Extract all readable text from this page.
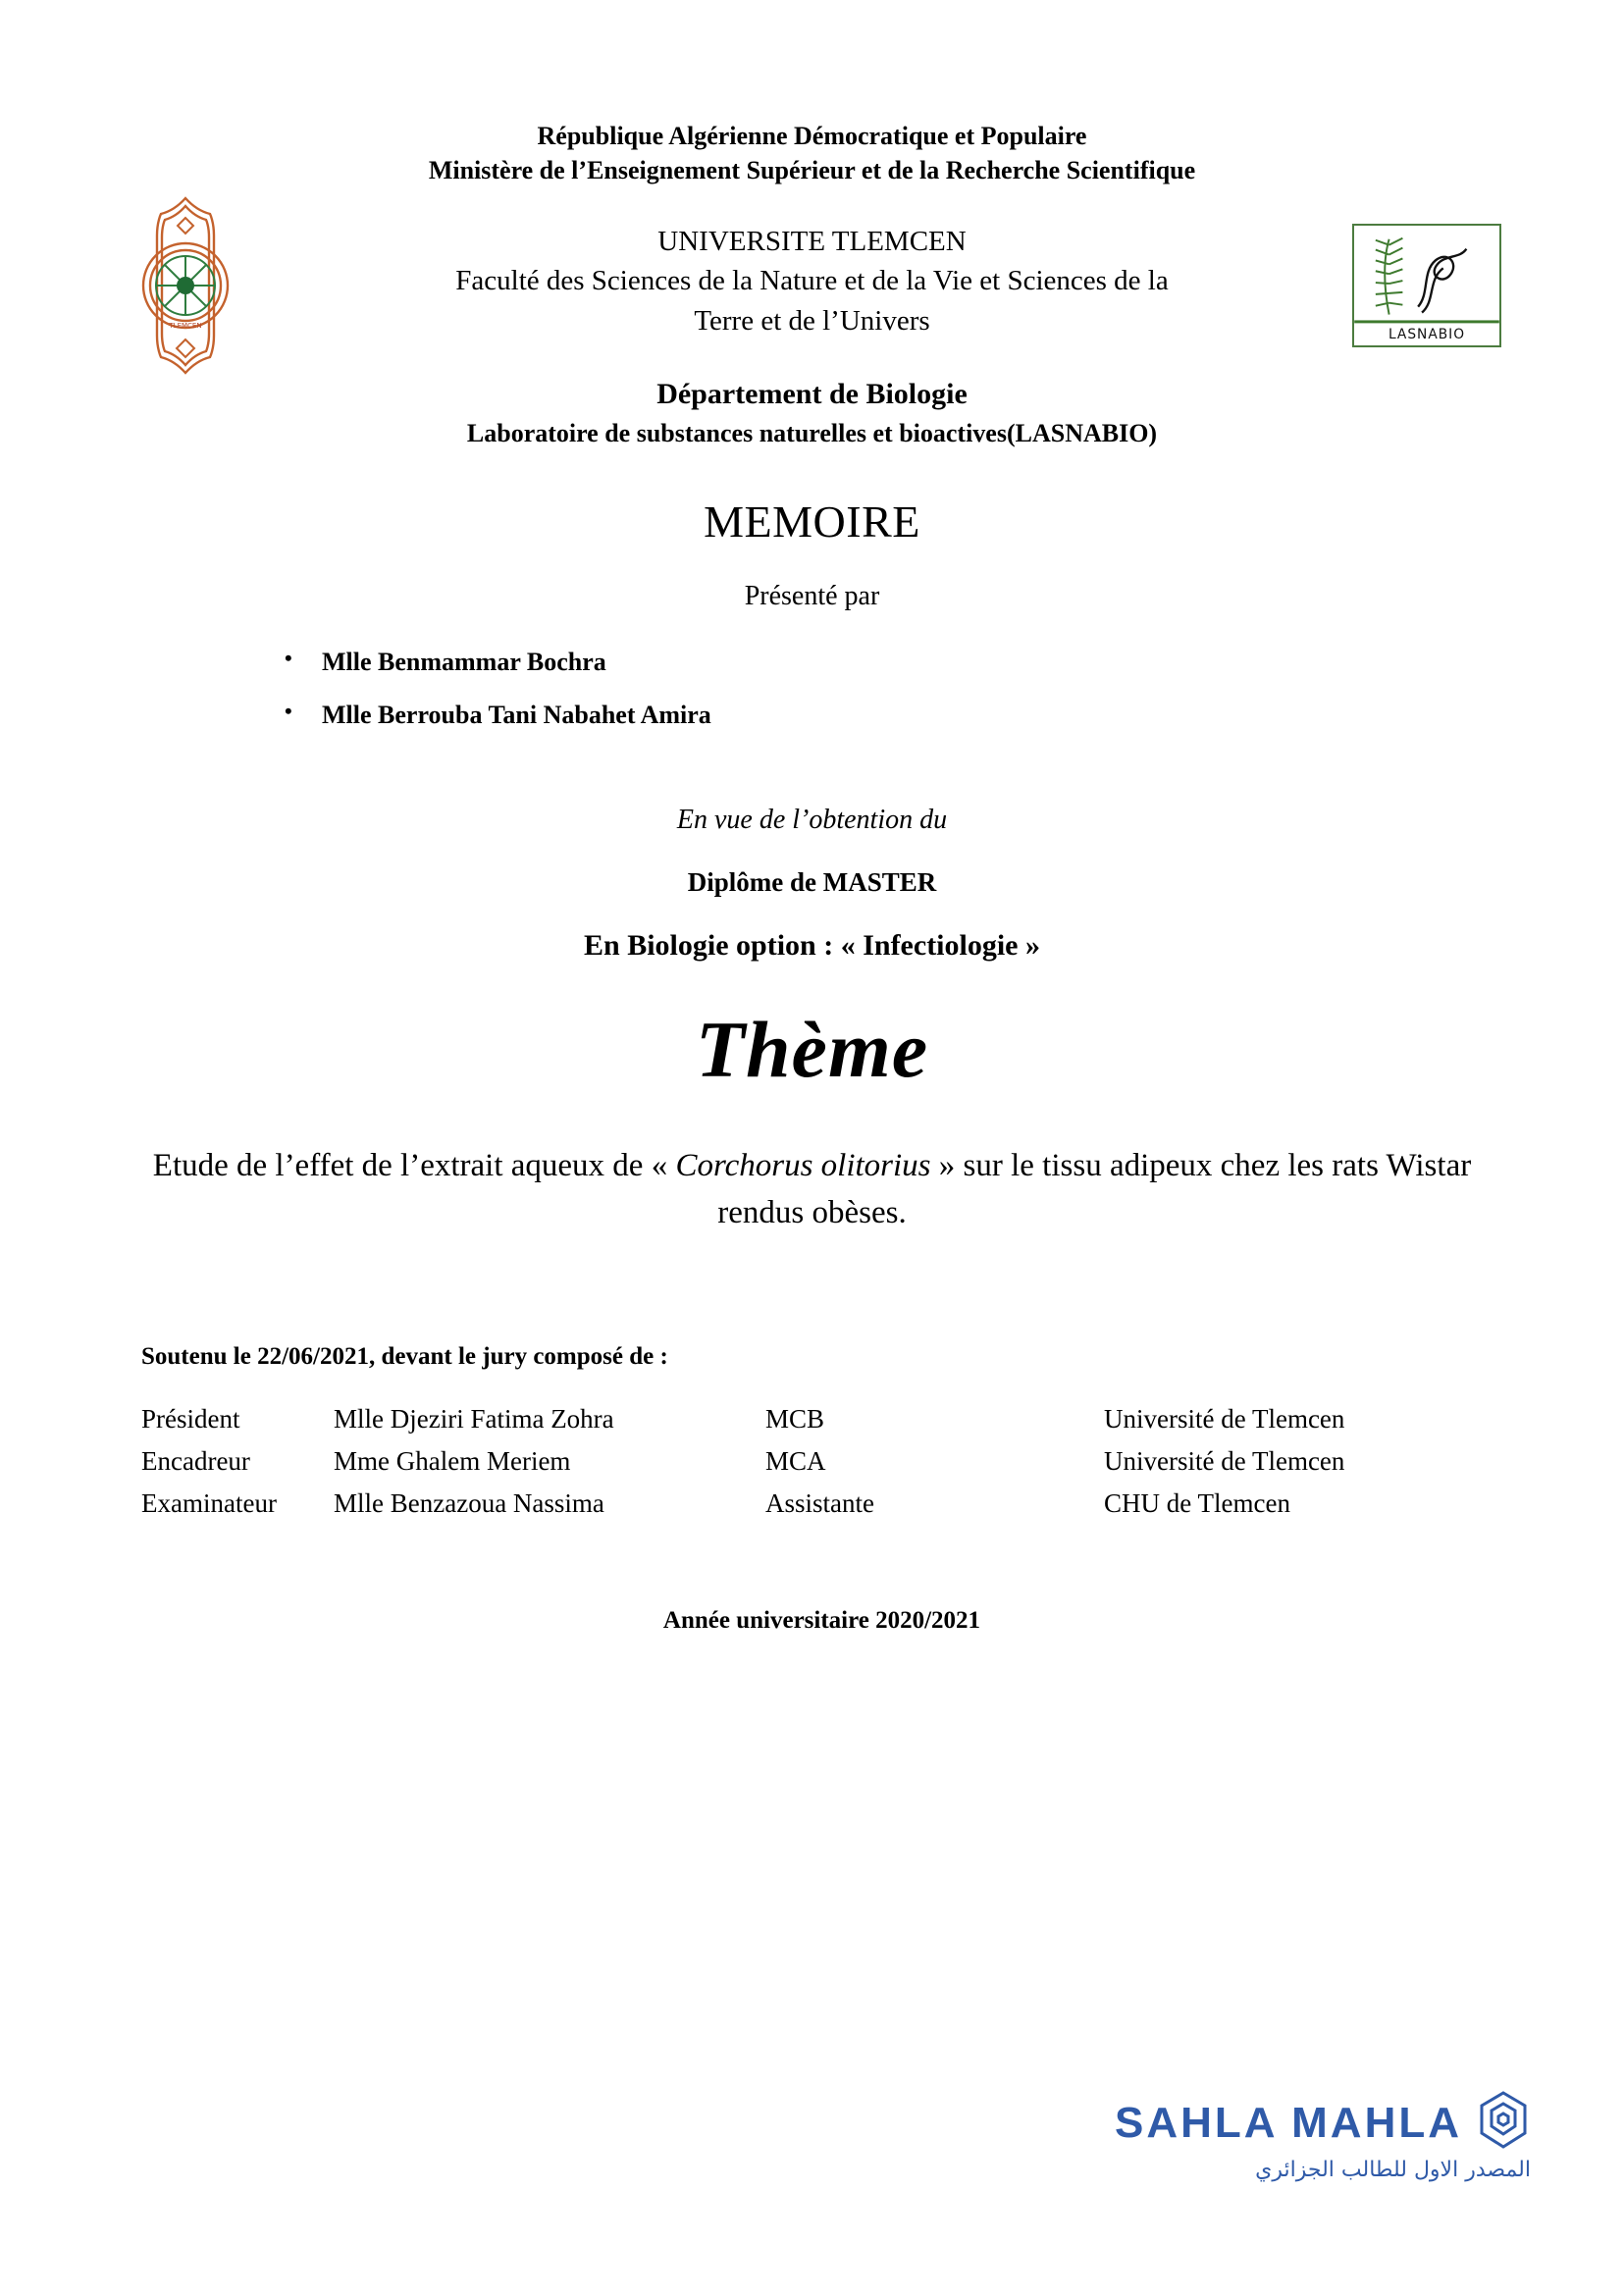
TLEMCEN
LASNABIO
République Algérienne Démocratique et Populaire
Ministère de l’Enseignement Supérieur et de la Recherche Scientifique
UNIVERSITE TLEMCEN
Faculté des Sciences de la Nature et de la Vie et Sciences de la
Terre et de l’Univers
Département de Biologie
Laboratoire de substances naturelles et bioactives(LASNABIO)
MEMOIRE
Présenté par
• Mlle Benmammar Bochra
• Mlle Berrouba Tani Nabahet Amira
En vue de l’obtention du
Diplôme de MASTER
En Biologie option : « Infectiologie »
Thème
Etude de l’effet de l’extrait aqueux de « Corchorus olitorius » sur le tissu adipeux chez les rats Wistar rendus obèses.
Soutenu le 22/06/2021, devant le jury composé de :
Président	Mlle Djeziri Fatima Zohra	MCB	Université de Tlemcen
Encadreur	Mme Ghalem Meriem	MCA	Université de Tlemcen
Examinateur	Mlle Benzazoua Nassima	Assistante	CHU de Tlemcen
Année universitaire 2020/2021
SAHLA MAHLA
المصدر الاول للطالب الجزائري
